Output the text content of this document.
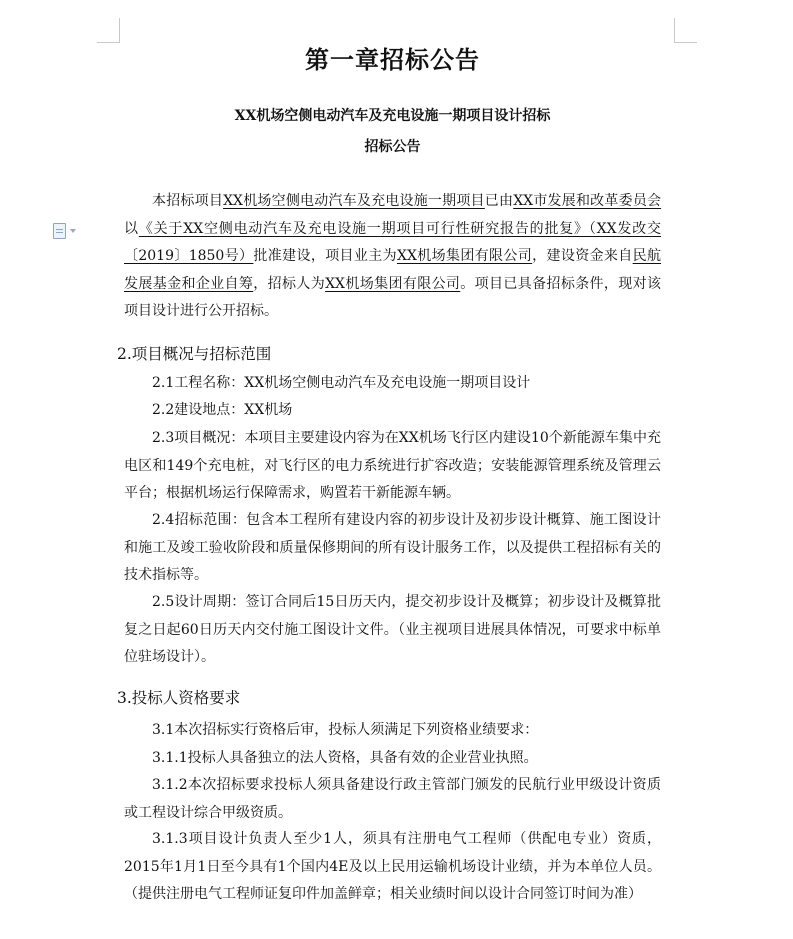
第一章招标公告
XX机场空侧电动汽车及充电设施一期项目设计招标
招标公告
本招标项目XX机场空侧电动汽车及充电设施一期项目已由XX市发展和改革委员会以《关于XX空侧电动汽车及充电设施一期项目可行性研究报告的批复》（XX发改交〔2019〕1850号）批准建设，项目业主为XX机场集团有限公司，建设资金来自民航发展基金和企业自筹，招标人为XX机场集团有限公司。项目已具备招标条件，现对该项目设计进行公开招标。
2.项目概况与招标范围
2.1工程名称：XX机场空侧电动汽车及充电设施一期项目设计
2.2建设地点：XX机场
2.3项目概况：本项目主要建设内容为在XX机场飞行区内建设10个新能源车集中充电区和149个充电桩，对飞行区的电力系统进行扩容改造；安装能源管理系统及管理云平台；根据机场运行保障需求，购置若干新能源车辆。
2.4招标范围：包含本工程所有建设内容的初步设计及初步设计概算、施工图设计和施工及竣工验收阶段和质量保修期间的所有设计服务工作，以及提供工程招标有关的技术指标等。
2.5设计周期：签订合同后15日历天内，提交初步设计及概算；初步设计及概算批复之日起60日历天内交付施工图设计文件。（业主视项目进展具体情况，可要求中标单位驻场设计）。
3.投标人资格要求
3.1本次招标实行资格后审，投标人须满足下列资格业绩要求：
3.1.1投标人具备独立的法人资格，具备有效的企业营业执照。
3.1.2本次招标要求投标人须具备建设行政主管部门颁发的民航行业甲级设计资质或工程设计综合甲级资质。
3.1.3项目设计负责人至少1人，须具有注册电气工程师（供配电专业）资质，2015年1月1日至今具有1个国内4E及以上民用运输机场设计业绩，并为本单位人员。（提供注册电气工程师证复印件加盖鲜章；相关业绩时间以设计合同签订时间为准）
